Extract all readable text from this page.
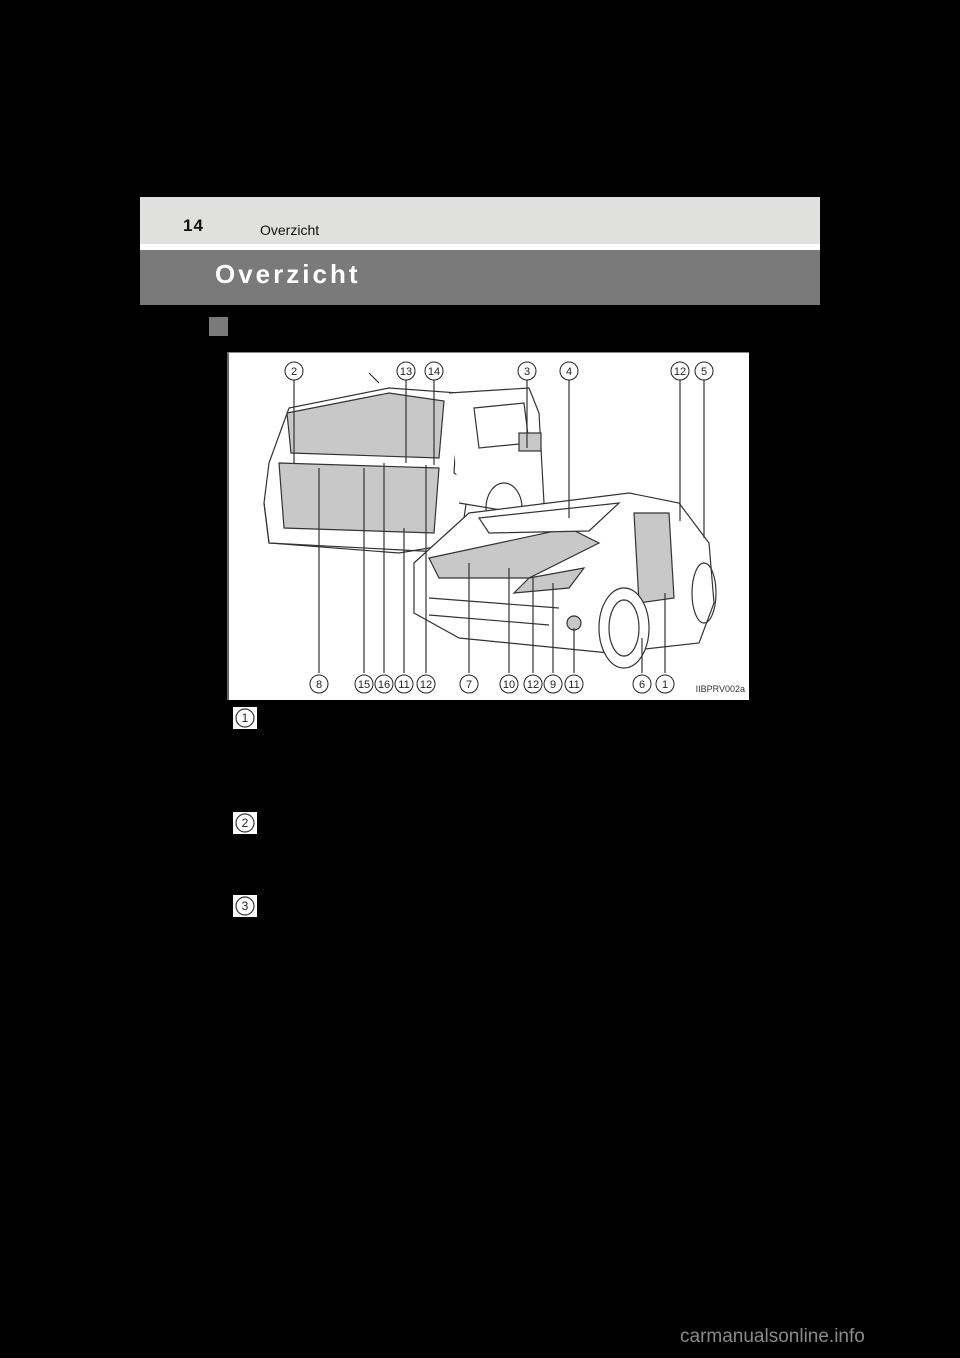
14	Overzicht
Overzicht
2	13 14	3	4	12 5
8	15 16 11 12	7	10 12 9 11	6 1	IIBPRV002a
1
2
3
carmanualsonline.info
